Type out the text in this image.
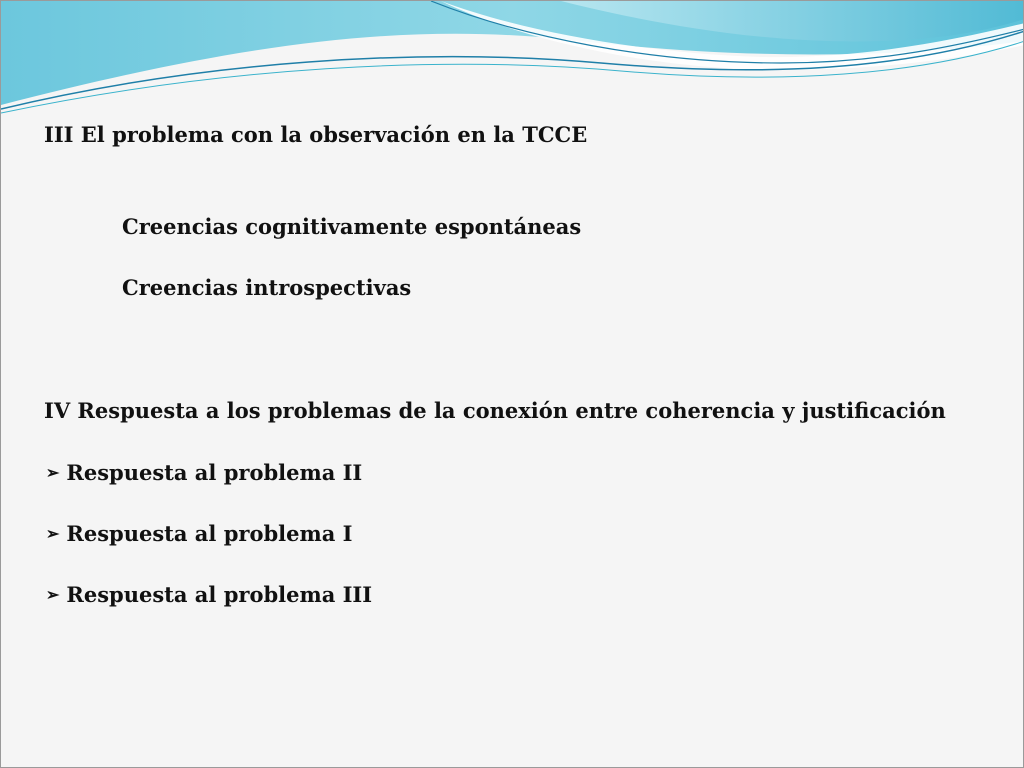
III El problema con la observación en la TCCE
Creencias cognitivamente espontáneas
Creencias introspectivas
IV Respuesta a los problemas de la conexión entre coherencia y justificación
➢ Respuesta al problema II
➢ Respuesta al problema I
➢ Respuesta al problema III
